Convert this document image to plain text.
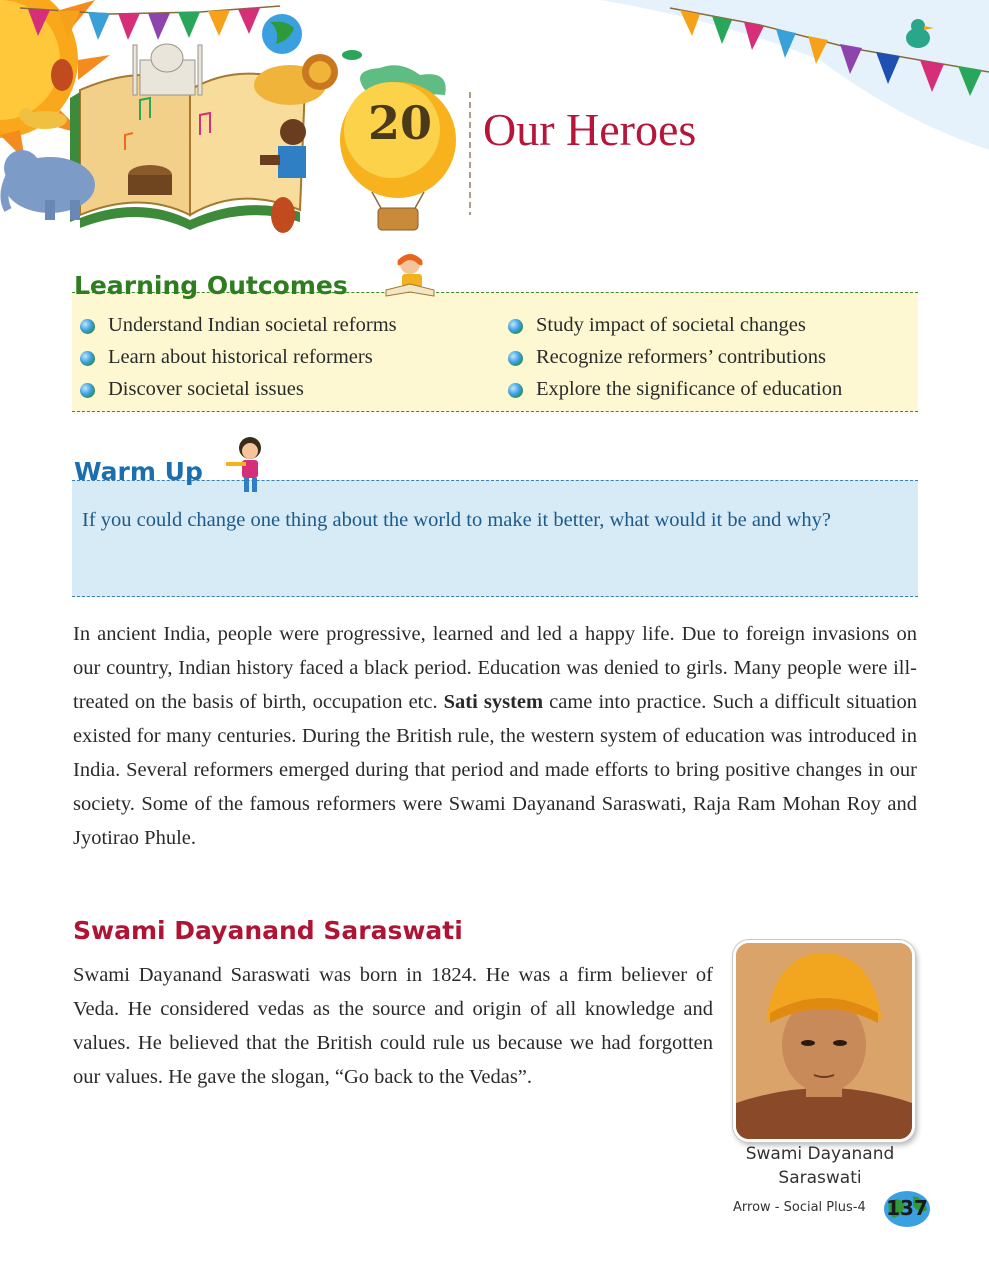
20	Our Heroes
Understand Indian societal reforms
Learn about historical reformers
Discover societal issues
Study impact of societal changes
Recognize reformers’ contributions
Explore the significance of education
Learning Outcomes
If you could change one thing about the world to make it better, what would it be and why?
Warm Up

In ancient India, people were progressive, learned and led a happy life. Due to foreign invasions on our country, Indian history faced a black period. Education was denied to girls. Many people were ill-treated on the basis of birth, occupation etc. Sati system came into practice. Such a difficult situation existed for many centuries. During the British rule, the western system of education was introduced in India. Several reformers emerged during that period and made efforts to bring positive changes in our society. Some of the famous reformers were Swami Dayanand Saraswati, Raja Ram Mohan Roy and Jyotirao Phule.

Swami Dayanand Saraswati

Swami Dayanand Saraswati was born in 1824. He was a firm believer of Veda. He considered vedas as the source and origin of all knowledge and values. He believed that the British could rule us because we had forgotten our values. He gave the slogan, “Go back to the Vedas”.

Swami Dayanand
Saraswati
Arrow - Social Plus-4 137
